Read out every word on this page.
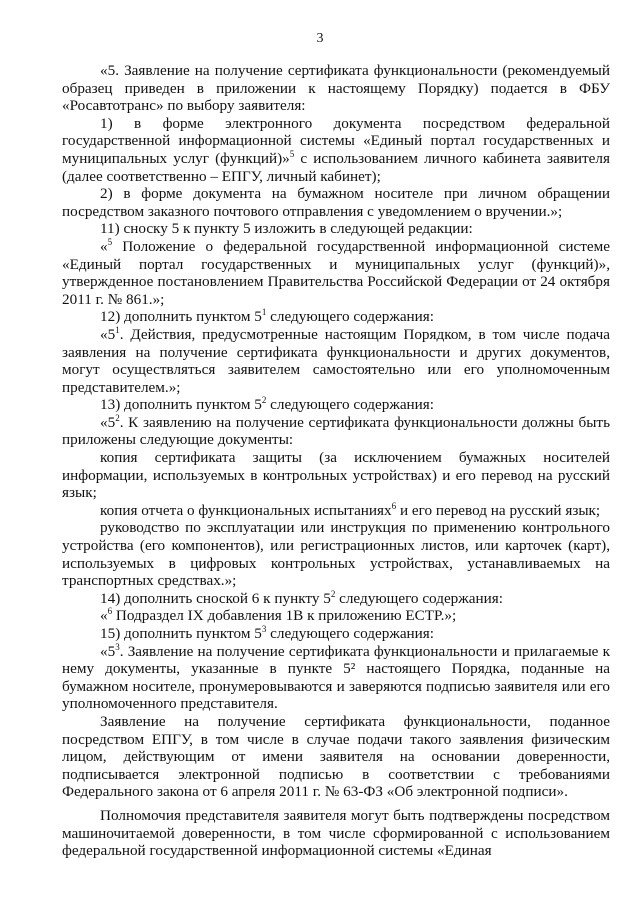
3

«5. Заявление на получение сертификата функциональности (рекомендуемый образец приведен в приложении к настоящему Порядку) подается в ФБУ «Росавтотранс» по выбору заявителя:

1) в форме электронного документа посредством федеральной государственной информационной системы «Единый портал государственных и муниципальных услуг (функций)»$^5$ с использованием личного кабинета заявителя (далее соответственно – ЕПГУ, личный кабинет);

2) в форме документа на бумажном носителе при личном обращении посредством заказного почтового отправления с уведомлением о вручении.»;

11) сноску 5 к пункту 5 изложить в следующей редакции:

«$^5$ Положение о федеральной государственной информационной системе «Единый портал государственных и муниципальных услуг (функций)», утвержденное постановлением Правительства Российской Федерации от 24 октября 2011 г. № 861.»;

12) дополнить пунктом $5^1$ следующего содержания:

«$5^1$. Действия, предусмотренные настоящим Порядком, в том числе подача заявления на получение сертификата функциональности и других документов, могут осуществляться заявителем самостоятельно или его уполномоченным представителем.»;

13) дополнить пунктом $5^2$ следующего содержания:

«$5^2$. К заявлению на получение сертификата функциональности должны быть приложены следующие документы:

копия сертификата защиты (за исключением бумажных носителей информации, используемых в контрольных устройствах) и его перевод на русский язык;

копия отчета о функциональных испытаниях$^6$ и его перевод на русский язык;

руководство по эксплуатации или инструкция по применению контрольного устройства (его компонентов), или регистрационных листов, или карточек (карт), используемых в цифровых контрольных устройствах, устанавливаемых на транспортных средствах.»;

14) дополнить сноской 6 к пункту $5^2$ следующего содержания:

«$^6$ Подраздел IX добавления 1В к приложению ЕСТР.»;

15) дополнить пунктом $5^3$ следующего содержания:

«$5^3$. Заявление на получение сертификата функциональности и прилагаемые к нему документы, указанные в пункте 5² настоящего Порядка, поданные на бумажном носителе, пронумеровываются и заверяются подписью заявителя или его уполномоченного представителя.

Заявление на получение сертификата функциональности, поданное посредством ЕПГУ, в том числе в случае подачи такого заявления физическим лицом, действующим от имени заявителя на основании доверенности, подписывается электронной подписью в соответствии с требованиями Федерального закона от 6 апреля 2011 г. № 63-ФЗ «Об электронной подписи».

Полномочия представителя заявителя могут быть подтверждены посредством машиночитаемой доверенности, в том числе сформированной с использованием федеральной государственной информационной системы «Единая
